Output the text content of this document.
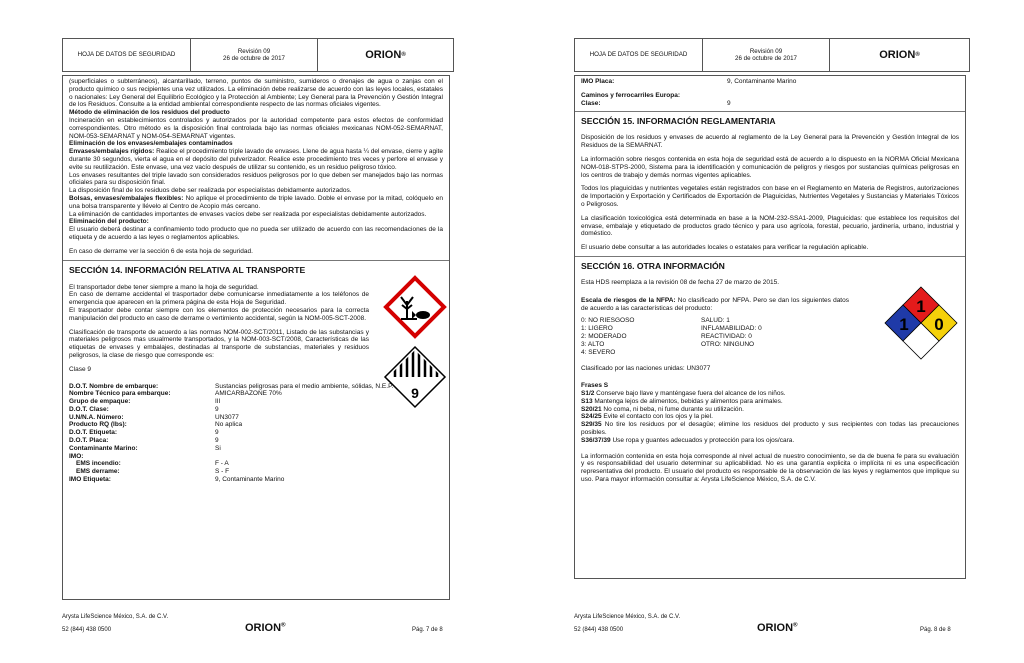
HOJA DE DATOS DE SEGURIDAD
Revisión 09
26 de octubre de 2017	ORION ®

(superficiales o subterráneos), alcantarillado, terreno, puntos de suministro, sumideros o drenajes de agua o zanjas con el producto químico o sus recipientes una vez utilizados. La eliminación debe realizarse de acuerdo con las leyes locales, estatales o nacionales: Ley General del Equilibrio Ecológico y la Protección al Ambiente; Ley General para la Prevención y Gestión Integral de los Residuos. Consulte a la entidad ambiental correspondiente respecto de las normas oficiales vigentes.

Método de eliminación de los residuos del producto

Incineración en establecimientos controlados y autorizados por la autoridad competente para estos efectos de conformidad correspondientes. Otro método es la disposición final controlada bajo las normas oficiales mexicanas NOM-052-SEMARNAT, NOM-053-SEMARNAT y NOM-054-SEMARNAT vigentes.

Eliminación de los envases/embalajes contaminados

Envases/embalajes rígidos: Realice el procedimiento triple lavado de envases. Llene de agua hasta ¼ del envase, cierre y agite durante 30 segundos, vierta el agua en el depósito del pulverizador. Realice este procedimiento tres veces y perfore el envase y evite su reutilización. Este envase, una vez vacío después de utilizar su contenido, es un residuo peligroso tóxico.

Los envases resultantes del triple lavado son considerados residuos peligrosos por lo que deben ser manejados bajo las normas oficiales para su disposición final.

La disposición final de los residuos debe ser realizada por especialistas debidamente autorizados.

Bolsas, envases/embalajes flexibles: No aplique el procedimiento de triple lavado. Doble el envase por la mitad, colóquelo en una bolsa transparente y llévelo al Centro de Acopio más cercano.

La eliminación de cantidades importantes de envases vacíos debe ser realizada por especialistas debidamente autorizados.

Eliminación del producto:

El usuario deberá destinar a confinamiento todo producto que no pueda ser utilizado de acuerdo con las recomendaciones de la etiqueta y de acuerdo a las leyes o reglamentos aplicables.

En caso de derrame ver la sección 6 de esta hoja de seguridad.

SECCIÓN 14. INFORMACIÓN RELATIVA AL TRANSPORTE

El transportador debe tener siempre a mano la hoja de seguridad.

En caso de derrame accidental el trasportador debe comunicarse inmediatamente a los teléfonos de emergencia que aparecen en la primera página de esta Hoja de Seguridad.

El trasportador debe contar siempre con los elementos de protección necesarios para la correcta manipulación del producto en caso de derrame o vertimiento accidental, según la NOM-005-SCT-2008.

Clasificación de transporte de acuerdo a las normas NOM-002-SCT/2011, Listado de las substancias y materiales peligrosos mas usualmente transportados, y la NOM-003-SCT/2008, Características de las etiquetas de envases y embalajes, destinadas al transporte de substancias, materiales y residuos peligrosos, la clase de riesgo que corresponde es:

Clase 9

9
D.O.T. Nombre de embarque:	Sustancias peligrosas para el medio ambiente, sólidas, N.E.P.
Nombre Técnico para embarque:	AMICARBAZONE 70%
Grupo de empaque:	III
D.O.T. Clase:	9
U.N/N.A. Número:	UN3077
Producto RQ (lbs):	No aplica
D.O.T. Etiqueta:	9
D.O.T. Placa:	9
Contaminante Marino:	Si
IMO:
EMS incendio:	F - A
EMS derrame:	S - F
IMO Etiqueta:	9, Contaminante Marino
Arysta LifeScience México, S.A. de C.V.
52 (844) 438 0500	ORION®
Pág. 7 de 8
HOJA DE DATOS DE SEGURIDAD
Revisión 09
26 de octubre de 2017	ORION ®
IMO Placa:	9, Contaminante Marino
Caminos y ferrocarriles Europa:
Clase:	9
SECCIÓN 15. INFORMACIÓN REGLAMENTARIA

Disposición de los residuos y envases de acuerdo al reglamento de la Ley General para la Prevención y Gestión Integral de los Residuos de la SEMARNAT.

La información sobre riesgos contenida en esta hoja de seguridad está de acuerdo a lo dispuesto en la NORMA Oficial Mexicana NOM-018-STPS-2000, Sistema para la identificación y comunicación de peligros y riesgos por sustancias químicas peligrosas en los centros de trabajo y demás normas vigentes aplicables.

Todos los plaguicidas y nutrientes vegetales están registrados con base en el Reglamento en Materia de Registros, autorizaciones de Importación y Exportación y Certificados de Exportación de Plaguicidas, Nutrientes Vegetales y Sustancias y Materiales Tóxicos o Peligrosos.

La clasificación toxicológica está determinada en base a la NOM-232-SSA1-2009, Plaguicidas: que establece los requisitos del envase, embalaje y etiquetado de productos grado técnico y para uso agrícola, forestal, pecuario, jardinería, urbano, industrial y doméstico.

El usuario debe consultar a las autoridades locales o estatales para verificar la regulación aplicable.

SECCIÓN 16. OTRA INFORMACIÓN

Esta HDS reemplaza a la revisión 08 de fecha 27 de marzo de 2015.

Escala de riesgos de la NFPA: No clasificado por NFPA. Pero se dan los siguientes datos de acuerdo a las características del producto:

0: NO RIESGOSO
1: LIGERO
2: MODERADO
3: ALTO
4: SEVERO
SALUD: 1
INFLAMABILIDAD: 0
REACTIVIDAD: 0
OTRO: NINGUNO
1
1 0

Clasificado por las naciones unidas: UN3077

Frases S

S1/2 Conserve bajo llave y manténgase fuera del alcance de los niños.

S13 Mantenga lejos de alimentos, bebidas y alimentos para animales.

S20/21 No coma, ni beba, ni fume durante su utilización.

S24/25 Evite el contacto con los ojos y la piel.

S29/35 No tire los residuos por el desagüe; elimine los residuos del producto y sus recipientes con todas las precauciones posibles.

S36/37/39 Use ropa y guantes adecuados y protección para los ojos/cara.

La información contenida en esta hoja corresponde al nivel actual de nuestro conocimiento, se da de buena fe para su evaluación y es responsabilidad del usuario determinar su aplicabilidad. No es una garantía explicita o implícita ni es una especificación representativa del producto. El usuario del producto es responsable de la observación de las leyes y reglamentos que implique su uso. Para mayor información consultar a: Arysta LifeScience México, S.A. de C.V.

Arysta LifeScience México, S.A. de C.V.
52 (844) 438 0500	ORION®
Pág. 8 de 8
